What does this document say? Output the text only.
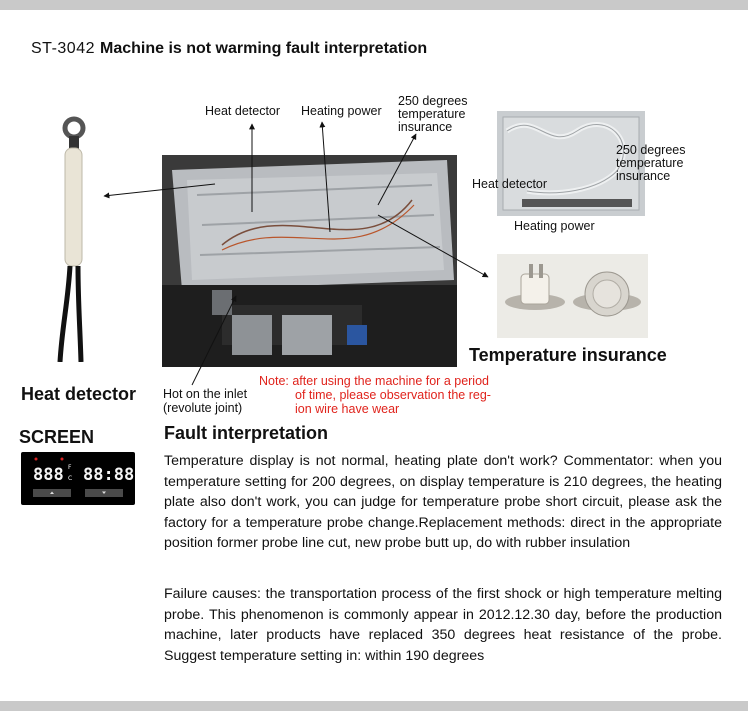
ST-3042 Machine is not warming fault interpretation
Heat detector Heating power
250 degrees
temperature
insurance
Heat detector
Heating power
250 degrees
temperature
insurance
Temperature insurance
Heat detector Hot on the inlet
(revolute joint)
Note: after using the machine for a period
of time, please observation the reg-
ion wire have wear
SCREEN	Fault interpretation
888 F
C 88:88
Temperature display is not normal, heating plate don't work? Commentator: when you temperature setting for 200 degrees, on display temperature is 210 degrees, the heating plate also don't work, you can judge for temperature probe short circuit, please ask the factory for a temperature probe change.Replacement methods: direct in the appropriate position former probe line cut, new probe butt up, do with rubber insulation
Failure causes: the transportation process of the first shock or high temperature melting probe. This phenomenon is commonly appear in 2012.12.30 day, before the production machine, later products have replaced 350 degrees heat resistance of the probe. Suggest temperature setting in: within 190 degrees
